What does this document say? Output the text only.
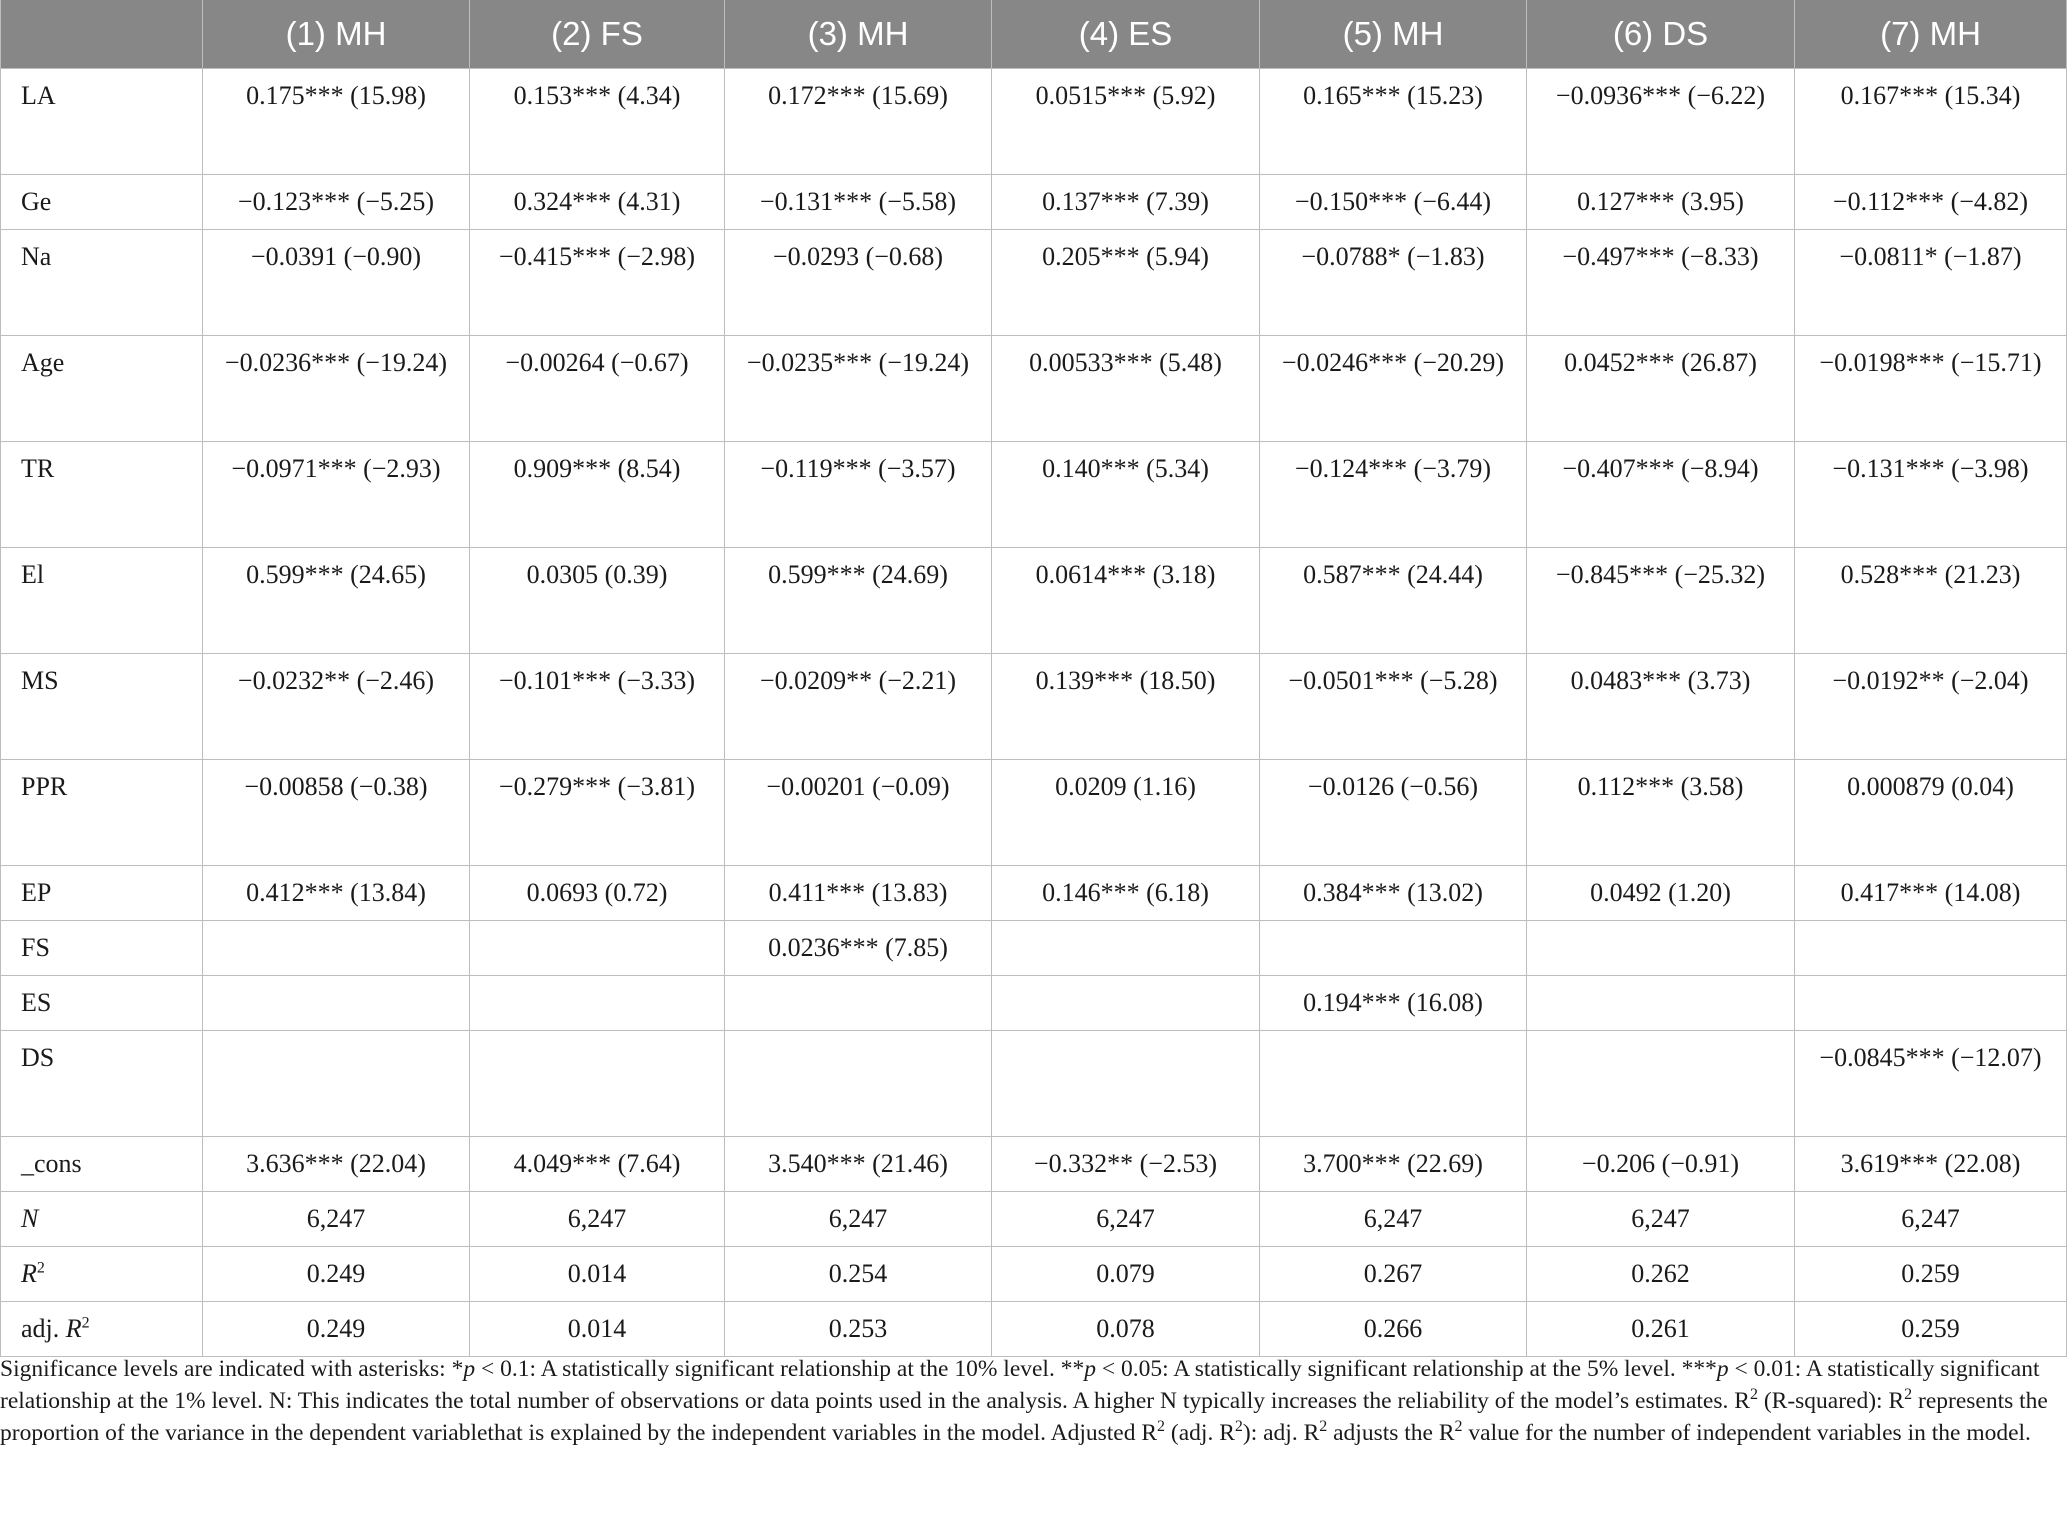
	(1) MH	(2) FS	(3) MH	(4) ES	(5) MH	(6) DS	(7) MH
LA	0.175*** (15.98)	0.153*** (4.34)	0.172*** (15.69)	0.0515*** (5.92)	0.165*** (15.23)	−0.0936*** (−6.22)	0.167*** (15.34)
Ge	−0.123*** (−5.25)	0.324*** (4.31)	−0.131*** (−5.58)	0.137*** (7.39)	−0.150*** (−6.44)	0.127*** (3.95)	−0.112*** (−4.82)
Na	−0.0391 (−0.90)	−0.415*** (−2.98)	−0.0293 (−0.68)	0.205*** (5.94)	−0.0788* (−1.83)	−0.497*** (−8.33)	−0.0811* (−1.87)
Age	−0.0236*** (−19.24)	−0.00264 (−0.67)	−0.0235*** (−19.24)	0.00533*** (5.48)	−0.0246*** (−20.29)	0.0452*** (26.87)	−0.0198*** (−15.71)
TR	−0.0971*** (−2.93)	0.909*** (8.54)	−0.119*** (−3.57)	0.140*** (5.34)	−0.124*** (−3.79)	−0.407*** (−8.94)	−0.131*** (−3.98)
El	0.599*** (24.65)	0.0305 (0.39)	0.599*** (24.69)	0.0614*** (3.18)	0.587*** (24.44)	−0.845*** (−25.32)	0.528*** (21.23)
MS	−0.0232** (−2.46)	−0.101*** (−3.33)	−0.0209** (−2.21)	0.139*** (18.50)	−0.0501*** (−5.28)	0.0483*** (3.73)	−0.0192** (−2.04)
PPR	−0.00858 (−0.38)	−0.279*** (−3.81)	−0.00201 (−0.09)	0.0209 (1.16)	−0.0126 (−0.56)	0.112*** (3.58)	0.000879 (0.04)
EP	0.412*** (13.84)	0.0693 (0.72)	0.411*** (13.83)	0.146*** (6.18)	0.384*** (13.02)	0.0492 (1.20)	0.417*** (14.08)
FS			0.0236*** (7.85)				
ES					0.194*** (16.08)		
DS							−0.0845*** (−12.07)
_cons	3.636*** (22.04)	4.049*** (7.64)	3.540*** (21.46)	−0.332** (−2.53)	3.700*** (22.69)	−0.206 (−0.91)	3.619*** (22.08)
N	6,247	6,247	6,247	6,247	6,247	6,247	6,247
$R^2$	0.249	0.014	0.254	0.079	0.267	0.262	0.259
adj. $R^2$	0.249	0.014	0.253	0.078	0.266	0.261	0.259
Significance levels are indicated with asterisks: *p < 0.1: A statistically significant relationship at the 10% level. **p < 0.05: A statistically significant relationship at the 5% level. ***p < 0.01: A statistically significant relationship at the 1% level. N: This indicates the total number of observations or data points used in the analysis. A higher N typically increases the reliability of the model’s estimates. $R^2$ (R-squared): $R^2$ represents the proportion of the variance in the dependent variablethat is explained by the independent variables in the model. Adjusted $R^2$ (adj. $R^2$): adj. $R^2$ adjusts the $R^2$ value for the number of independent variables in the model.
